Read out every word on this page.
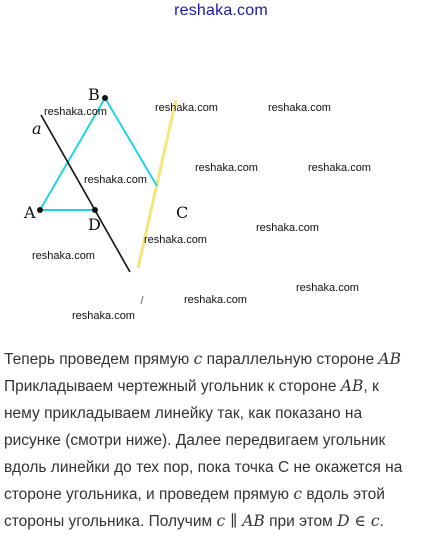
reshaka.com
B
A
D
C
a
reshaka.com	reshaka.com	reshaka.com
reshaka.com
reshaka.com	reshaka.com
reshaka.com
reshaka.com
reshaka.com
reshaka.com
reshaka.com
reshaka.com
Теперь проведем прямую c параллельную стороне AB
Прикладываем чертежный угольник к стороне AB, к
нему прикладываем линейку так, как показано на
рисунке (смотри ниже). Далее передвигаем угольник
вдоль линейки до тех пор, пока точка C не окажется на
стороне угольника, и проведем прямую c вдоль этой
стороны угольника. Получим c ∥ AB при этом D ∈ c.
